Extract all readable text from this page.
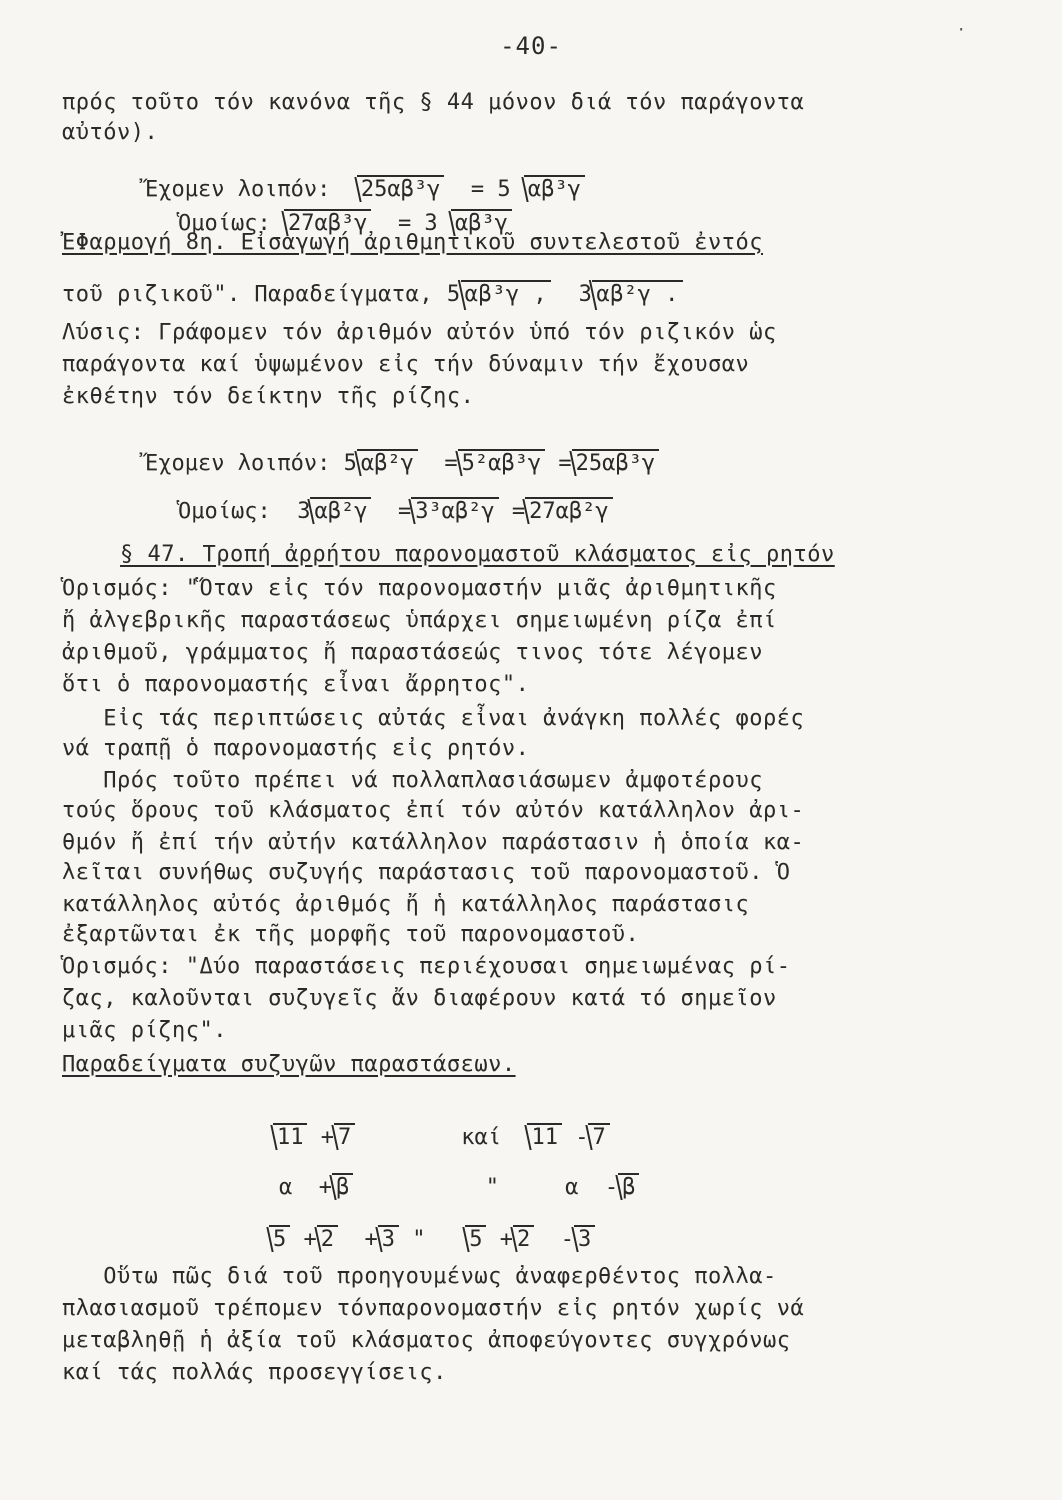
-40-
·
πρός τοῦτο τόν κανόνα τῆς § 44 μόνον διά τόν παράγοντα
αὐτόν).

Ἔχομεν λοιπόν: 25αβ³γ = 5 αβ³γ

Ὁμοίως: 27αβ³γ = 3 αβ³γ

ἘΦαρμογή 8η. Εἰσαγωγή ἀριθμητικοῦ συντελεστοῦ ἐντός
τοῦ ριζικοῦ". Παραδείγματα, 5 αβ³γ , 3 αβ²γ .
Λύσις: Γράφομεν τόν ἀριθμόν αὐτόν ὑπό τόν ριζικόν ὡς
παράγοντα καί ὑψωμένον εἰς τήν δύναμιν τήν ἔχουσαν
ἐκθέτην τόν δείκτην τῆς ρίζης.

Ἔχομεν λοιπόν: 5 αβ²γ = 5²αβ³γ = 25αβ³γ

Ὁμοίως: 3 αβ²γ = 3³αβ²γ = 27αβ²γ

§ 47. Τροπή ἀρρήτου παρονομαστοῦ κλάσματος εἰς ρητόν
Ὁρισμός: "Ὅταν εἰς τόν παρονομαστήν μιᾶς ἀριθμητικῆς
ἤ ἀλγεβρικῆς παραστάσεως ὑπάρχει σημειωμένη ρίζα ἐπί
ἀριθμοῦ, γράμματος ἤ παραστάσεώς τινος τότε λέγομεν
ὅτι ὁ παρονομαστής εἶναι ἄρρητος".
Εἰς τάς περιπτώσεις αὐτάς εἶναι ἀνάγκη πολλές φορές
νά τραπῇ ὁ παρονομαστής εἰς ρητόν.
Πρός τοῦτο πρέπει νά πολλαπλασιάσωμεν ἀμφοτέρους
τούς ὅρους τοῦ κλάσματος ἐπί τόν αὐτόν κατάλληλον ἀρι-
θμόν ἤ ἐπί τήν αὐτήν κατάλληλον παράστασιν ἡ ὁποία κα-
λεῖται συνήθως συζυγής παράστασις τοῦ παρονομαστοῦ. Ὁ
κατάλληλος αὐτός ἀριθμός ἤ ἡ κατάλληλος παράστασις
ἐξαρτῶνται ἐκ τῆς μορφῆς τοῦ παρονομαστοῦ.
Ὁρισμός: "Δύο παραστάσεις περιέχουσαι σημειωμένας ρί-
ζας, καλοῦνται συζυγεῖς ἄν διαφέρουν κατά τό σημεῖον
μιᾶς ρίζης".
Παραδείγματα συζυγῶν παραστάσεων.

11 + 7	καί 11 - 7

α + β	"	α - β

5 + 2 + 3 " 5 + 2 - 3

Οὕτω πῶς διά τοῦ προηγουμένως ἀναφερθέντος πολλα-
πλασιασμοῦ τρέπομεν τόνπαρονομαστήν εἰς ρητόν χωρίς νά
μεταβληθῇ ἡ ἀξία τοῦ κλάσματος ἀποφεύγοντες συγχρόνως
καί τάς πολλάς προσεγγίσεις.
